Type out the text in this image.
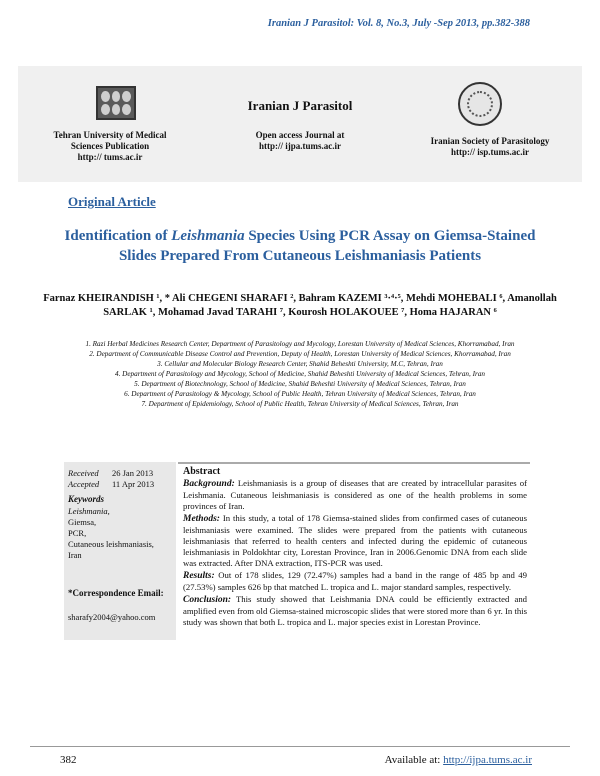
Iranian J Parasitol: Vol. 8, No.3, July -Sep 2013, pp.382-388
Iranian J Parasitol
Tehran University of Medical
Sciences Publication
http:// tums.ac.ir
Open access Journal at
http:// ijpa.tums.ac.ir	Iranian Society of Parasitology
http:// isp.tums.ac.ir
Original Article
Identification of Leishmania Species Using PCR Assay on Giemsa-Stained Slides Prepared From Cutaneous Leishmaniasis Patients
Farnaz KHEIRANDISH ¹, * Ali CHEGENI SHARAFI ², Bahram KAZEMI ³·⁴·⁵, Mehdi MOHEBALI ⁶, Amanollah SARLAK ¹, Mohamad Javad TARAHI ⁷, Kourosh HOLAKOUEE ⁷, Homa HAJARAN ⁶
1. Razi Herbal Medicines Research Center, Department of Parasitology and Mycology, Lorestan University of Medical Sciences, Khorramabad, Iran
2. Department of Communicable Disease Control and Prevention, Deputy of Health, Lorestan University of Medical Sciences, Khorramabad, Iran
3. Cellular and Molecular Biology Research Center, Shahid Beheshti University, M.C, Tehran, Iran
4. Department of Parasitology and Mycology, School of Medicine, Shahid Beheshti University of Medical Sciences, Tehran, Iran
5. Department of Biotechnology, School of Medicine, Shahid Beheshti University of Medical Sciences, Tehran, Iran
6. Department of Parasitology & Mycology, School of Public Health, Tehran University of Medical Sciences, Tehran, Iran
7. Department of Epidemiology, School of Public Health, Tehran University of Medical Sciences, Tehran, Iran
Received 26 Jan 2013
Accepted 11 Apr 2013
Keywords
Leishmania,
Giemsa,
PCR,
Cutaneous leishmaniasis,
Iran
*Correspondence Email:
sharafy2004@yahoo.com
Abstract

Background: Leishmaniasis is a group of diseases that are created by intracellular parasites of Leishmania. Cutaneous leishmaniasis is considered as one of the health problems in some provinces of Iran.

Methods: In this study, a total of 178 Giemsa-stained slides from confirmed cases of cutaneous leishmaniasis were examined. The slides were prepared from the patients with cutaneous leishmaniasis that referred to health centers and infected during the epidemic of cutaneous leishmaniasis in Poldokhtar city, Lorestan Province, Iran in 2006.Genomic DNA from each slide was extracted. After DNA extraction, ITS-PCR was used.

Results: Out of 178 slides, 129 (72.47%) samples had a band in the range of 485 bp and 49 (27.53%) samples 626 bp that matched L. tropica and L. major standard samples, respectively.

Conclusion: This study showed that Leishmania DNA could be efficiently extracted and amplified even from old Giemsa-stained microscopic slides that were stored more than 6 yr. In this study was shown that both L. tropica and L. major species exist in Lorestan Province.

382	Available at: http://ijpa.tums.ac.ir
